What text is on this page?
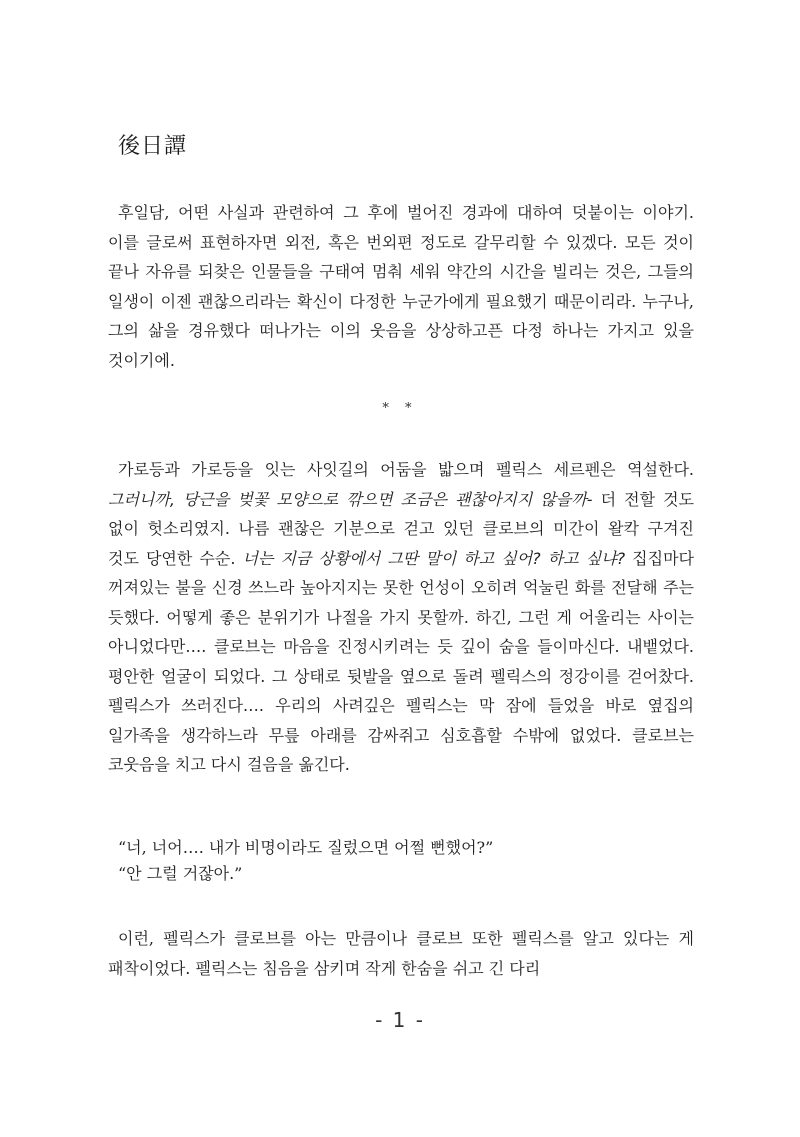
後日譚
후일담, 어떤 사실과 관련하여 그 후에 벌어진 경과에 대하여 덧붙이는 이야기. 이를 글로써 표현하자면 외전, 혹은 번외편 정도로 갈무리할 수 있겠다. 모든 것이 끝나 자유를 되찾은 인물들을 구태여 멈춰 세워 약간의 시간을 빌리는 것은, 그들의 일생이 이젠 괜찮으리라는 확신이 다정한 누군가에게 필요했기 때문이리라. 누구나, 그의 삶을 경유했다 떠나가는 이의 웃음을 상상하고픈 다정 하나는 가지고 있을 것이기에.
* *
가로등과 가로등을 잇는 사잇길의 어둠을 밟으며 펠릭스 세르펜은 역설한다. 그러니까, 당근을 벚꽃 모양으로 깎으면 조금은 괜찮아지지 않을까- 더 전할 것도 없이 헛소리였지. 나름 괜찮은 기분으로 걷고 있던 클로브의 미간이 왈칵 구겨진 것도 당연한 수순. 너는 지금 상황에서 그딴 말이 하고 싶어? 하고 싶냐? 집집마다 꺼져있는 불을 신경 쓰느라 높아지지는 못한 언성이 오히려 억눌린 화를 전달해 주는 듯했다. 어떻게 좋은 분위기가 나절을 가지 못할까. 하긴, 그런 게 어울리는 사이는 아니었다만…. 클로브는 마음을 진정시키려는 듯 깊이 숨을 들이마신다. 내뱉었다. 평안한 얼굴이 되었다. 그 상태로 뒷발을 옆으로 돌려 펠릭스의 정강이를 걷어찼다. 펠릭스가 쓰러진다…. 우리의 사려깊은 펠릭스는 막 잠에 들었을 바로 옆집의 일가족을 생각하느라 무릎 아래를 감싸쥐고 심호흡할 수밖에 없었다. 클로브는 코웃음을 치고 다시 걸음을 옮긴다.
“너, 너어…. 내가 비명이라도 질렀으면 어쩔 뻔했어?”
“안 그럴 거잖아.”
이런, 펠릭스가 클로브를 아는 만큼이나 클로브 또한 펠릭스를 알고 있다는 게 패착이었다. 펠릭스는 침음을 삼키며 작게 한숨을 쉬고 긴 다리
- 1 -
